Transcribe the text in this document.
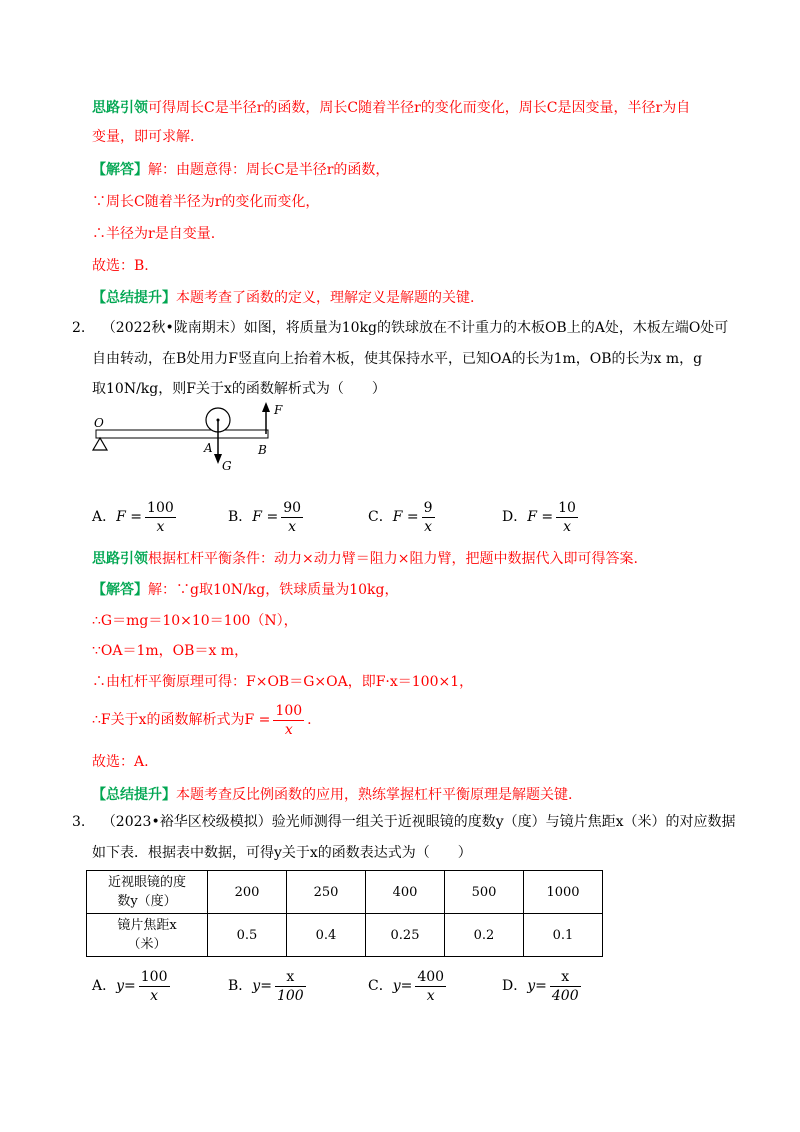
思路引领可得周长C是半径r的函数，周长C随着半径r的变化而变化，周长C是因变量，半径r为自
变量，即可求解.
【解答】解：由题意得：周长C是半径r的函数，
∵周长C随着半径为r的变化而变化，
∴半径为r是自变量.
故选：B.
【总结提升】本题考查了函数的定义，理解定义是解题的关键.
2. （2022秋•陇南期末）如图，将质量为10kg的铁球放在不计重力的木板OB上的A处，木板左端O处可
自由转动，在B处用力F竖直向上抬着木板，使其保持水平，已知OA的长为1m，OB的长为x m，g
取10N/kg，则F关于x的函数解析式为（　　）
O
A	B
F
G
A．$F = \frac{100}{x}$	B．$F = \frac{90}{x}$	C．$F = \frac{9}{x}$	D．$F = \frac{10}{x}$
思路引领根据杠杆平衡条件：动力×动力臂＝阻力×阻力臂，把题中数据代入即可得答案.
【解答】解：∵g取10N/kg，铁球质量为10kg，
∴G＝mg＝10×10＝100（N），
∵OA＝1m，OB＝x m，
∴由杠杆平衡原理可得：F×OB＝G×OA，即F·x＝100×1，
∴F关于x的函数解析式为$F = \frac{100}{x}$ .
故选：A.
【总结提升】本题考查反比例函数的应用，熟练掌握杠杆平衡原理是解题关键.
3. （2023•裕华区校级模拟）验光师测得一组关于近视眼镜的度数y（度）与镜片焦距x（米）的对应数据
如下表．根据表中数据，可得y关于x的函数表达式为（　　）
近视眼镜的度
数y（度）	200	250	400	500	1000
镜片焦距x
（米）	0.5	0.4	0.25	0.2	0.1
A．$y= \frac{100}{x}$	B．$y= \frac{x}{100}$	C．$y= \frac{400}{x}$	D．$y= \frac{x}{400}$
